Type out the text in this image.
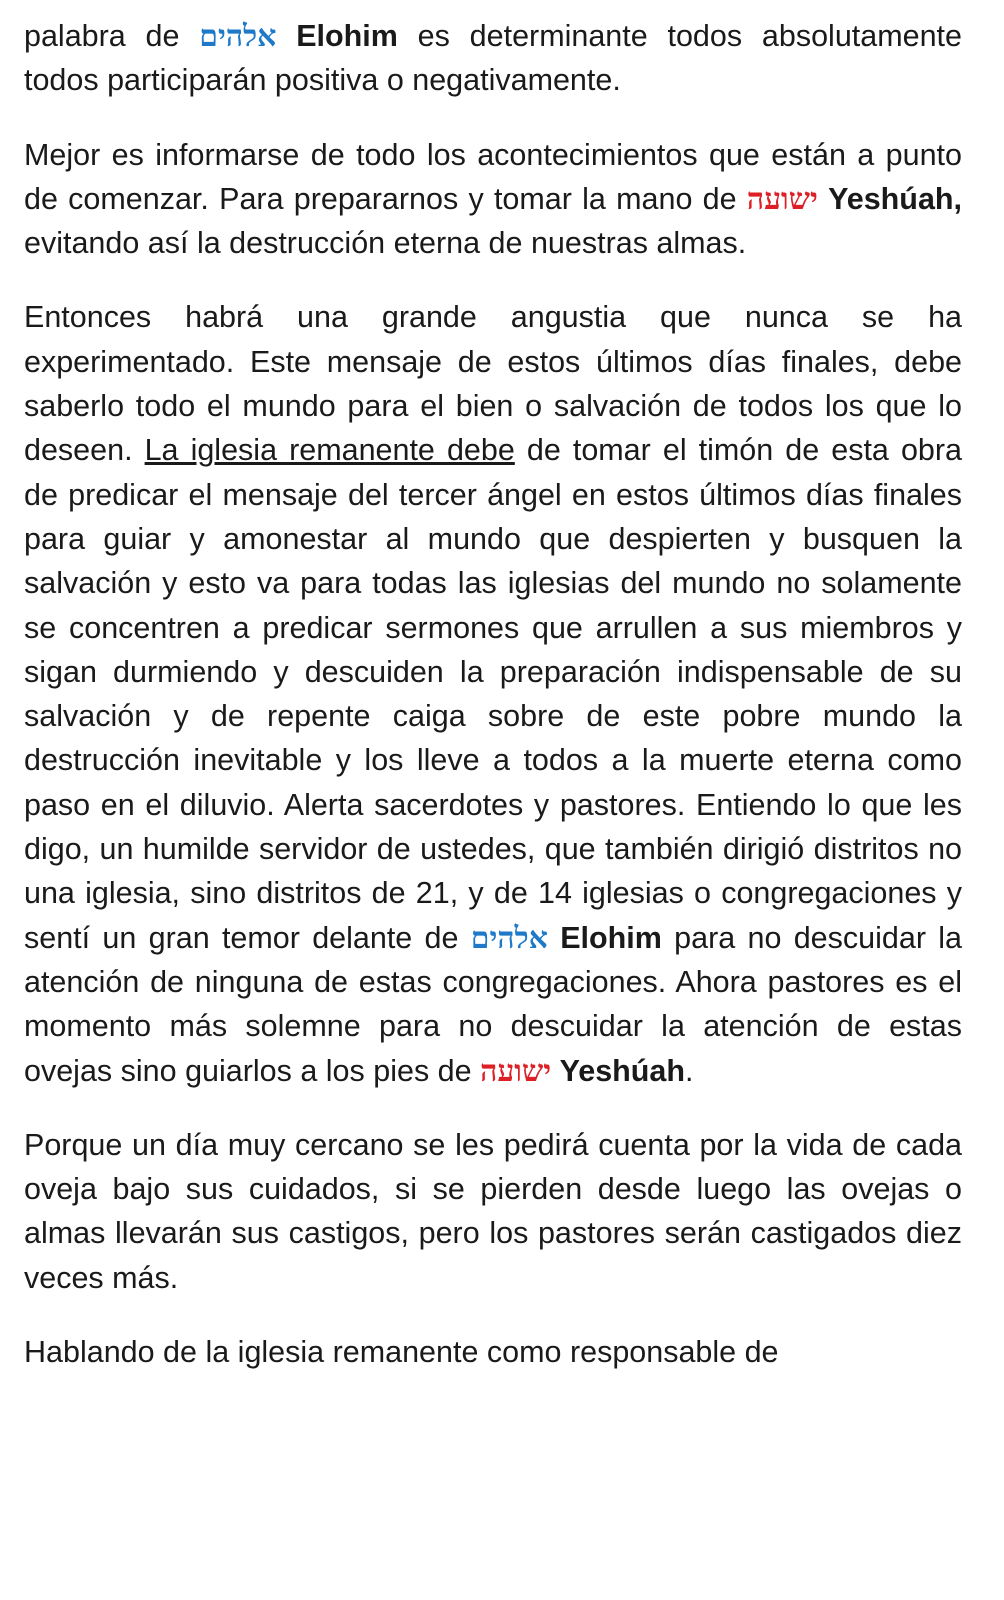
palabra de אלהים Elohim es determinante todos absolutamente todos participarán positiva o negativamente.

Mejor es informarse de todo los acontecimientos que están a punto de comenzar. Para prepararnos y tomar la mano de ישועה Yeshúah, evitando así la destrucción eterna de nuestras almas.

Entonces habrá una grande angustia que nunca se ha experimentado. Este mensaje de estos últimos días finales, debe saberlo todo el mundo para el bien o salvación de todos los que lo deseen. La iglesia remanente debe de tomar el timón de esta obra de predicar el mensaje del tercer ángel en estos últimos días finales para guiar y amonestar al mundo que despierten y busquen la salvación y esto va para todas las iglesias del mundo no solamente se concentren a predicar sermones que arrullen a sus miembros y sigan durmiendo y descuiden la preparación indispensable de su salvación y de repente caiga sobre de este pobre mundo la destrucción inevitable y los lleve a todos a la muerte eterna como paso en el diluvio. Alerta sacerdotes y pastores. Entiendo lo que les digo, un humilde servidor de ustedes, que también dirigió distritos no una iglesia, sino distritos de 21, y de 14 iglesias o congregaciones y sentí un gran temor delante de אלהים Elohim para no descuidar la atención de ninguna de estas congregaciones. Ahora pastores es el momento más solemne para no descuidar la atención de estas ovejas sino guiarlos a los pies de ישועה Yeshúah.

Porque un día muy cercano se les pedirá cuenta por la vida de cada oveja bajo sus cuidados, si se pierden desde luego las ovejas o almas llevarán sus castigos, pero los pastores serán castigados diez veces más.

Hablando de la iglesia remanente como responsable de
